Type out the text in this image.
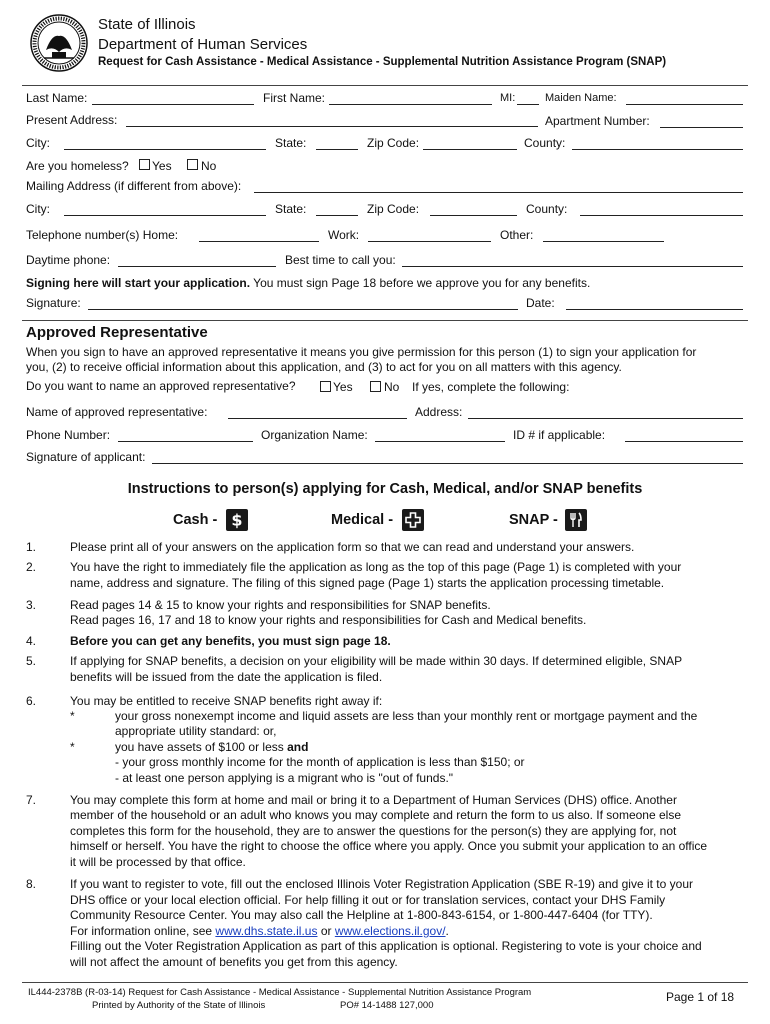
State of Illinois
Department of Human Services
Request for Cash Assistance - Medical Assistance - Supplemental Nutrition Assistance Program (SNAP)
Last Name:	First Name:	MI:	Maiden Name:
Present Address:	Apartment Number:
City:	State:	Zip Code:	County:
Are you homeless? Yes No
Mailing Address (if different from above):
City:	State:	Zip Code:	County:
Telephone number(s) Home:	Work:	Other:
Daytime phone:	Best time to call you:
Signing here will start your application. You must sign Page 18 before we approve you for any benefits.
Signature:	Date:
Approved Representative
When you sign to have an approved representative it means you give permission for this person (1) to sign your application for
you, (2) to receive official information about this application, and (3) to act for you on all matters with this agency.
Do you want to name an approved representative?	Yes	No If yes, complete the following:
Name of approved representative:	Address:
Phone Number:	Organization Name:	ID # if applicable:
Signature of applicant:
Instructions to person(s) applying for Cash, Medical, and/or SNAP benefits
Cash - $	Medical -	SNAP -
1.	Please print all of your answers on the application form so that we can read and understand your answers.
2.	You have the right to immediately file the application as long as the top of this page (Page 1) is completed with your
name, address and signature. The filing of this signed page (Page 1) starts the application processing timetable.
3.	Read pages 14 & 15 to know your rights and responsibilities for SNAP benefits.
Read pages 16, 17 and 18 to know your rights and responsibilities for Cash and Medical benefits.
4.	Before you can get any benefits, you must sign page 18.
5.	If applying for SNAP benefits, a decision on your eligibility will be made within 30 days. If determined eligible, SNAP
benefits will be issued from the date the application is filed.
6.	You may be entitled to receive SNAP benefits right away if:
*	your gross nonexempt income and liquid assets are less than your monthly rent or mortgage payment and the
appropriate utility standard: or,
*	you have assets of $100 or less and
- your gross monthly income for the month of application is less than $150; or
- at least one person applying is a migrant who is "out of funds."
7.	You may complete this form at home and mail or bring it to a Department of Human Services (DHS) office. Another
member of the household or an adult who knows you may complete and return the form to us also. If someone else
completes this form for the household, they are to answer the questions for the person(s) they are applying for, not
himself or herself. You have the right to choose the office where you apply. Once you submit your application to an office
it will be processed by that office.
8.	If you want to register to vote, fill out the enclosed Illinois Voter Registration Application (SBE R-19) and give it to your
DHS office or your local election official. For help filling it out or for translation services, contact your DHS Family
Community Resource Center. You may also call the Helpline at 1-800-843-6154, or 1-800-447-6404 (for TTY).
For information online, see www.dhs.state.il.us or www.elections.il.gov/.
Filling out the Voter Registration Application as part of this application is optional. Registering to vote is your choice and
will not affect the amount of benefits you get from this agency.
IL444-2378B (R-03-14) Request for Cash Assistance - Medical Assistance - Supplemental Nutrition Assistance Program
Printed by Authority of the State of Illinois	PO# 14-1488 127,000
Page 1 of 18
